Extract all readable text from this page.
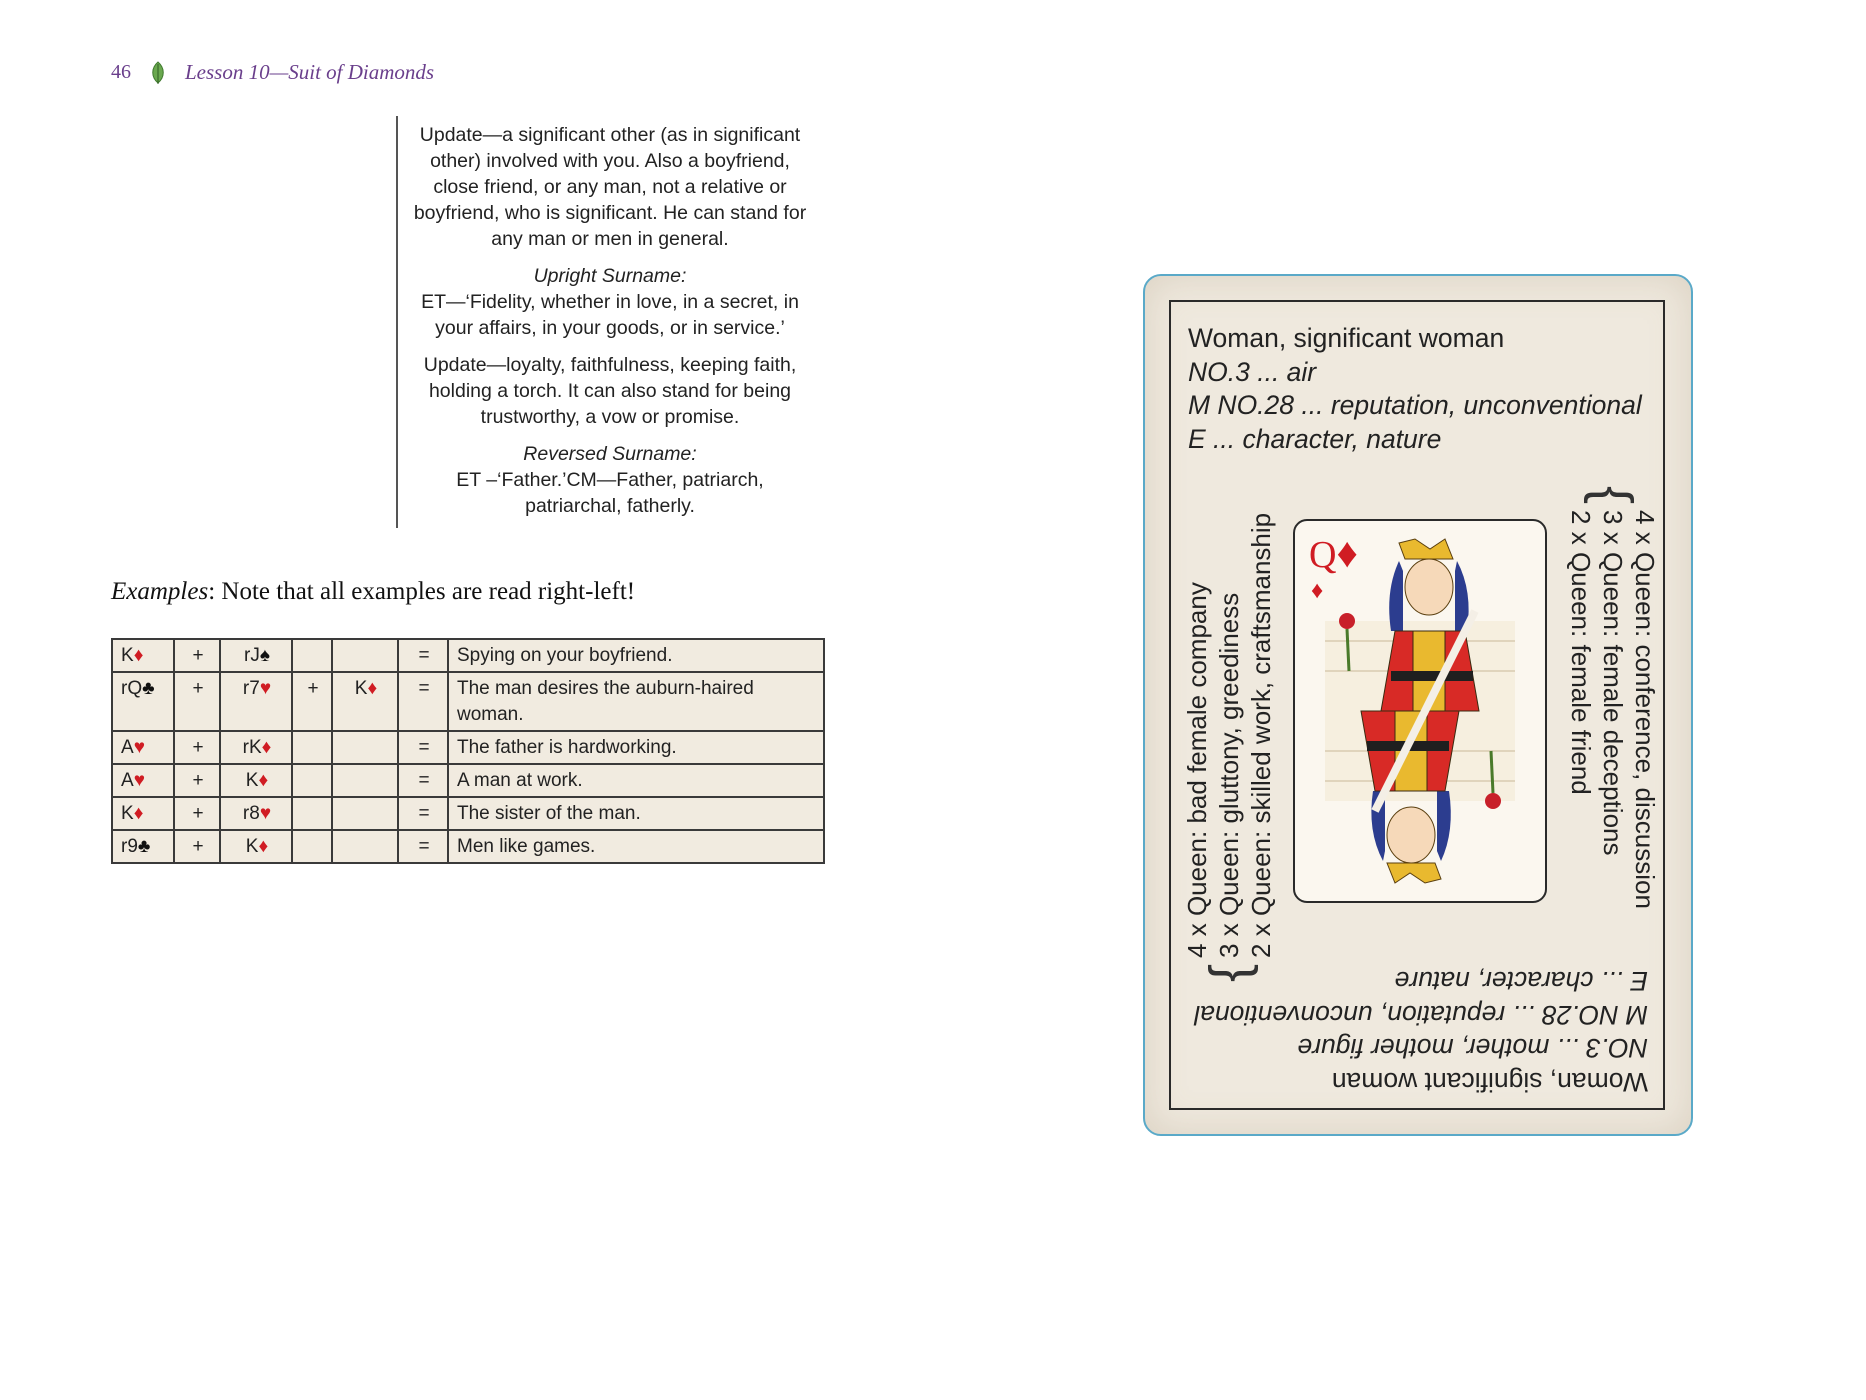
46	Lesson 10—Suit of Diamonds

Update—a significant other (as in significant other) involved with you. Also a boyfriend, close friend, or any man, not a relative or boyfriend, who is significant. He can stand for any man or men in general.

Upright Surname:

ET—‘Fidelity, whether in love, in a secret, in your affairs, in your goods, or in service.’

Update—loyalty, faithfulness, keeping faith, holding a torch. It can also stand for being trustworthy, a vow or promise.

Reversed Surname:

ET –‘Father.’CM—Father, patriarch, patriarchal, fatherly.

Examples: Note that all examples are read right-left!
K♦	+	rJ♠			=	Spying on your boyfriend.
rQ♣	+	r7♥	+	K♦	=	The man desires the auburn-haired woman.
A♥	+	rK♦			=	The father is hardworking.
A♥	+	K♦			=	A man at work.
K♦	+	r8♥			=	The sister of the man.
r9♣	+	K♦			=	Men like games.
Woman, significant woman
NO.3 ... air
M NO.28 ... reputation, unconventional
E ... character, nature
{
4 x Queen: bad female company 3 x Queen: gluttony, greediness 2 x Queen: skilled work, craftsmanship
{
4 x Queen: conference, discussion
3 x Queen: female deceptions
2 x Queen: female friend
Q♦
♦
Woman, significant woman
NO.3 ... mother, mother figure
M NO.28 ... reputation, unconventional
E ... character, nature
